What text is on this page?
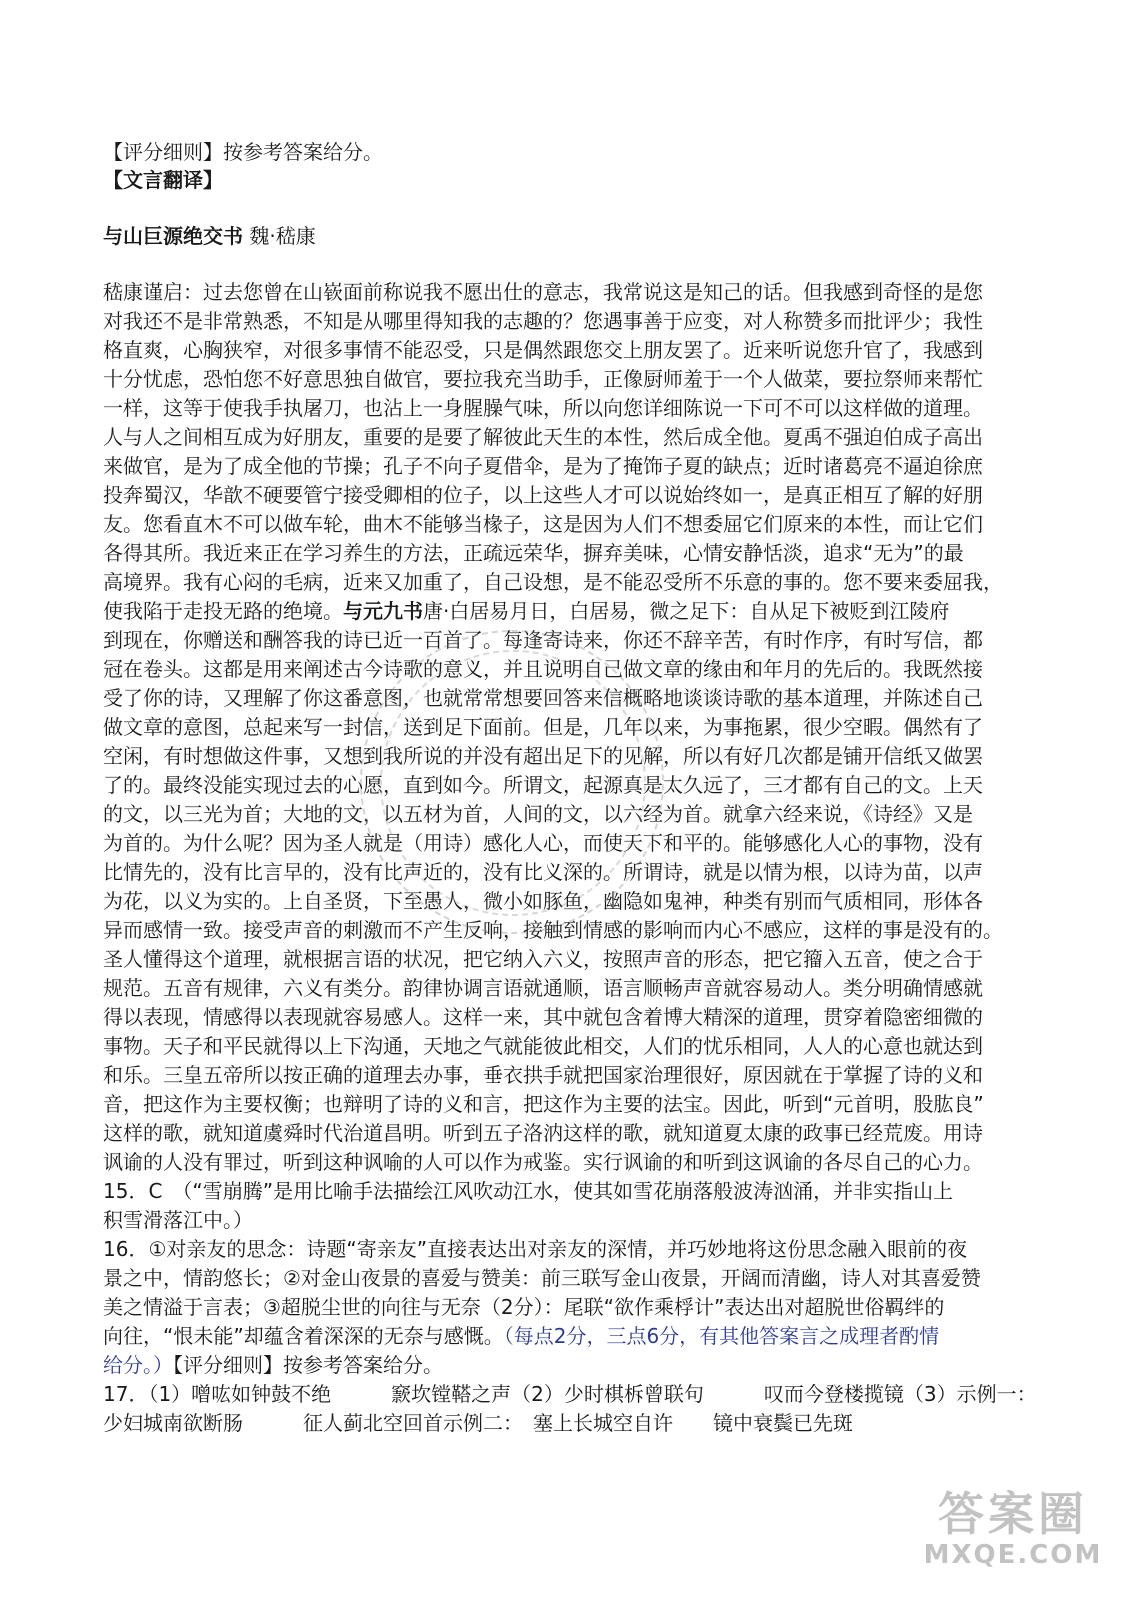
【评分细则】按参考答案给分。
【文言翻译】
与山巨源绝交书 魏·嵇康
嵇康谨启：过去您曾在山嵚面前称说我不愿出仕的意志，我常说这是知己的话。但我感到奇怪的是您
对我还不是非常熟悉，不知是从哪里得知我的志趣的？您遇事善于应变，对人称赞多而批评少；我性
格直爽，心胸狭窄，对很多事情不能忍受，只是偶然跟您交上朋友罢了。近来听说您升官了，我感到
十分忧虑，恐怕您不好意思独自做官，要拉我充当助手，正像厨师羞于一个人做菜，要拉祭师来帮忙
一样，这等于使我手执屠刀，也沾上一身腥臊气味，所以向您详细陈说一下可不可以这样做的道理。
人与人之间相互成为好朋友，重要的是要了解彼此天生的本性，然后成全他。夏禹不强迫伯成子高出
来做官，是为了成全他的节操；孔子不向子夏借伞，是为了掩饰子夏的缺点；近时诸葛亮不逼迫徐庶
投奔蜀汉，华歆不硬要管宁接受卿相的位子，以上这些人才可以说始终如一，是真正相互了解的好朋
友。您看直木不可以做车轮，曲木不能够当椽子，这是因为人们不想委屈它们原来的本性，而让它们
各得其所。我近来正在学习养生的方法，正疏远荣华，摒弃美味，心情安静恬淡，追求“无为”的最
高境界。我有心闷的毛病，近来又加重了，自己设想，是不能忍受所不乐意的事的。您不要来委屈我，
使我陷于走投无路的绝境。与元九书唐·白居易月日，白居易，微之足下：自从足下被贬到江陵府
到现在，你赠送和酬答我的诗已近一百首了。每逢寄诗来，你还不辞辛苦，有时作序，有时写信，都
冠在卷头。这都是用来阐述古今诗歌的意义，并且说明自己做文章的缘由和年月的先后的。我既然接
受了你的诗，又理解了你这番意图，也就常常想要回答来信概略地谈谈诗歌的基本道理，并陈述自己
做文章的意图，总起来写一封信，送到足下面前。但是，几年以来，为事拖累，很少空暇。偶然有了
空闲，有时想做这件事，又想到我所说的并没有超出足下的见解，所以有好几次都是铺开信纸又做罢
了的。最终没能实现过去的心愿，直到如今。所谓文，起源真是太久远了，三才都有自己的文。上天
的文，以三光为首；大地的文，以五材为首，人间的文，以六经为首。就拿六经来说，《诗经》又是
为首的。为什么呢？因为圣人就是（用诗）感化人心，而使天下和平的。能够感化人心的事物，没有
比情先的，没有比言早的，没有比声近的，没有比义深的。所谓诗，就是以情为根，以诗为苗，以声
为花，以义为实的。上自圣贤，下至愚人，微小如豚鱼，幽隐如鬼神，种类有别而气质相同，形体各
异而感情一致。接受声音的刺激而不产生反响，接触到情感的影响而内心不感应，这样的事是没有的。
圣人懂得这个道理，就根据言语的状况，把它纳入六义，按照声音的形态，把它籀入五音，使之合于
规范。五音有规律，六义有类分。韵律协调言语就通顺，语言顺畅声音就容易动人。类分明确情感就
得以表现，情感得以表现就容易感人。这样一来，其中就包含着博大精深的道理，贯穿着隐密细微的
事物。天子和平民就得以上下沟通，天地之气就能彼此相交，人们的忧乐相同，人人的心意也就达到
和乐。三皇五帝所以按正确的道理去办事，垂衣拱手就把国家治理很好，原因就在于掌握了诗的义和
音，把这作为主要权衡；也辩明了诗的义和言，把这作为主要的法宝。因此，听到“元首明，股肱良”
这样的歌，就知道虞舜时代治道昌明。听到五子洛汭这样的歌，就知道夏太康的政事已经荒废。用诗
讽谕的人没有罪过，听到这种讽喻的人可以作为戒鉴。实行讽谕的和听到这讽谕的各尽自己的心力。
15．C　（“雪崩腾”是用比喻手法描绘江风吹动江水，使其如雪花崩落般波涛汹涌，并非实指山上
积雪滑落江中。）
16．①对亲友的思念：诗题“寄亲友”直接表达出对亲友的深情，并巧妙地将这份思念融入眼前的夜
景之中，情韵悠长；②对金山夜景的喜爱与赞美：前三联写金山夜景，开阔而清幽，诗人对其喜爱赞
美之情溢于言表；③超脱尘世的向往与无奈（2分）：尾联“欲作乘桴计”表达出对超脱世俗羁绊的
向往，“恨未能”却蕴含着深深的无奈与感慨。（每点2分，三点6分，有其他答案言之成理者酌情
给分。）【评分细则】按参考答案给分。
17．（1）噌吰如钟鼓不绝　　　窾坎镗鞳之声（2）少时棋柝曾联句　　　叹而今登楼揽镜（3）示例一：
少妇城南欲断肠　　　征人蓟北空回首示例二：　塞上长城空自许　　镜中衰鬓已先斑
答案圈
MXQE.COM
